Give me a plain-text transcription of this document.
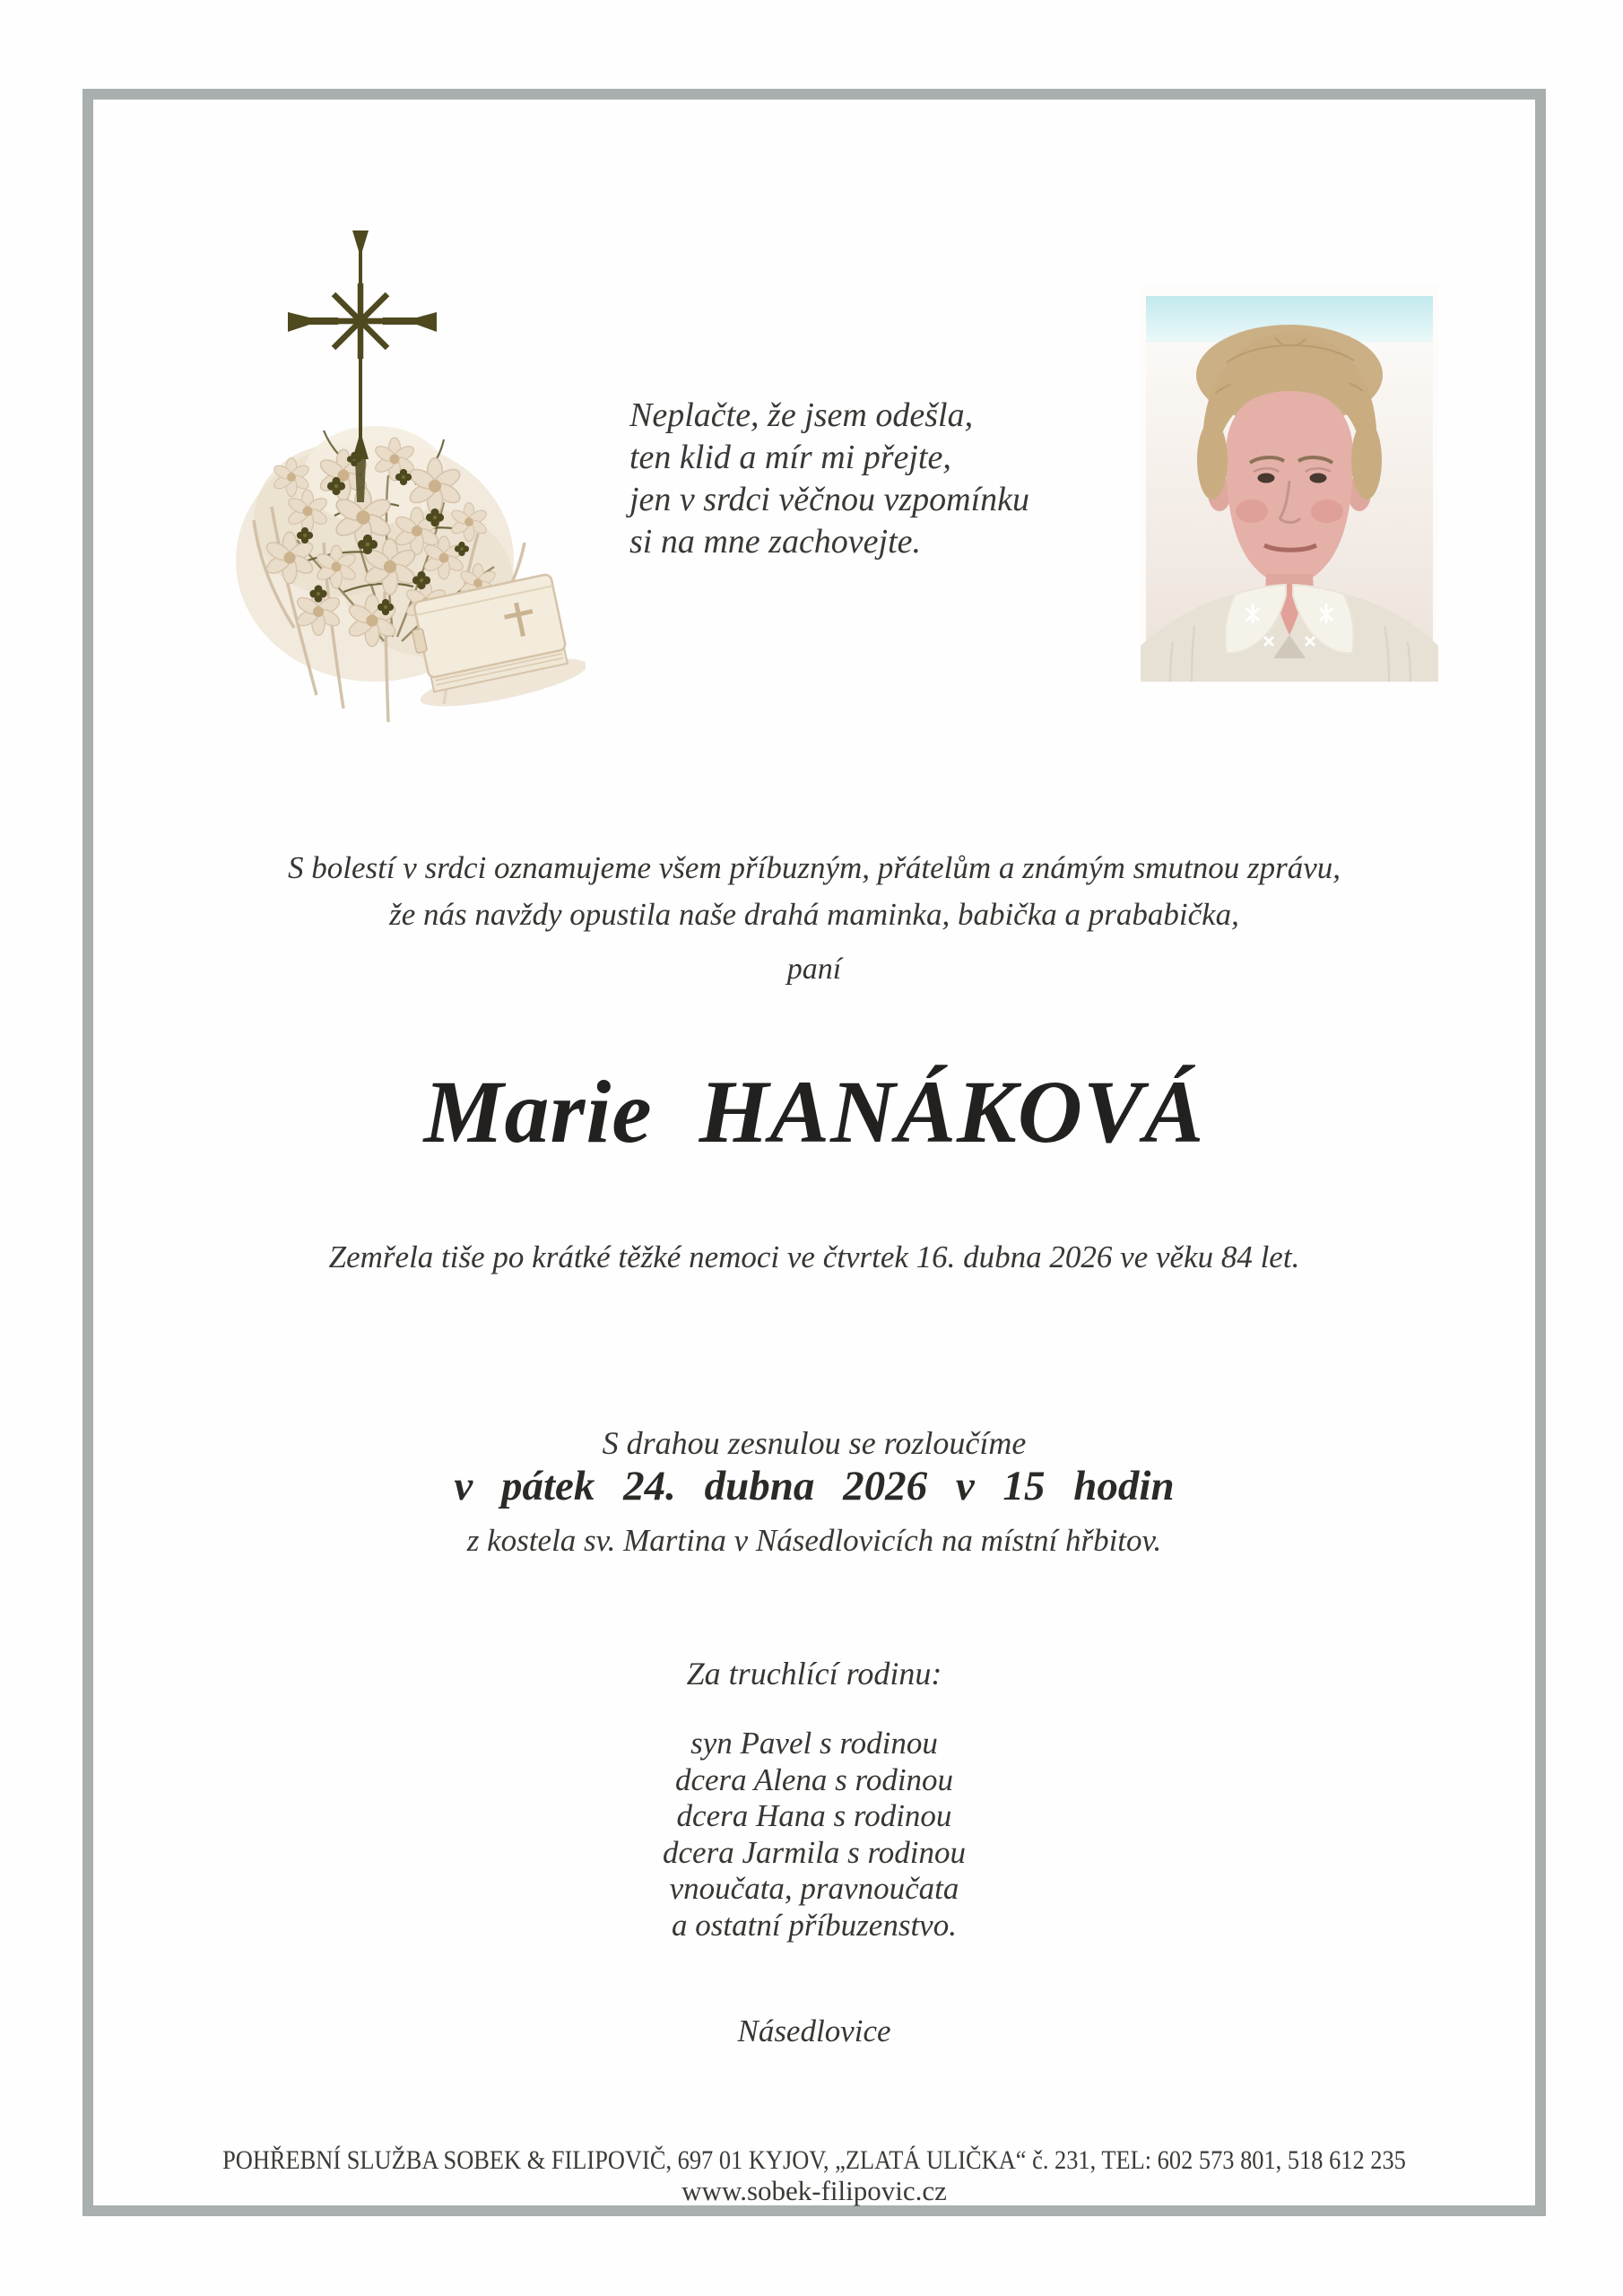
Neplačte, že jsem odešla,
ten klid a mír mi přejte,
jen v srdci věčnou vzpomínku
si na mne zachovejte.
S bolestí v srdci oznamujeme všem příbuzným, přátelům a známým smutnou zprávu,
že nás navždy opustila naše drahá maminka, babička a prababička,
paní
Marie HANÁKOVÁ
Zemřela tiše po krátké těžké nemoci ve čtvrtek 16. dubna 2026 ve věku 84 let.
S drahou zesnulou se rozloučíme
v pátek 24. dubna 2026 v 15 hodin
z kostela sv. Martina v Násedlovicích na místní hřbitov.
Za truchlící rodinu:
syn Pavel s rodinou
dcera Alena s rodinou
dcera Hana s rodinou
dcera Jarmila s rodinou
vnoučata, pravnoučata
a ostatní příbuzenstvo.
Násedlovice
POHŘEBNÍ SLUŽBA SOBEK & FILIPOVIČ, 697 01 KYJOV, „ZLATÁ ULIČKA“ č. 231, TEL: 602 573 801, 518 612 235
www.sobek-filipovic.cz
